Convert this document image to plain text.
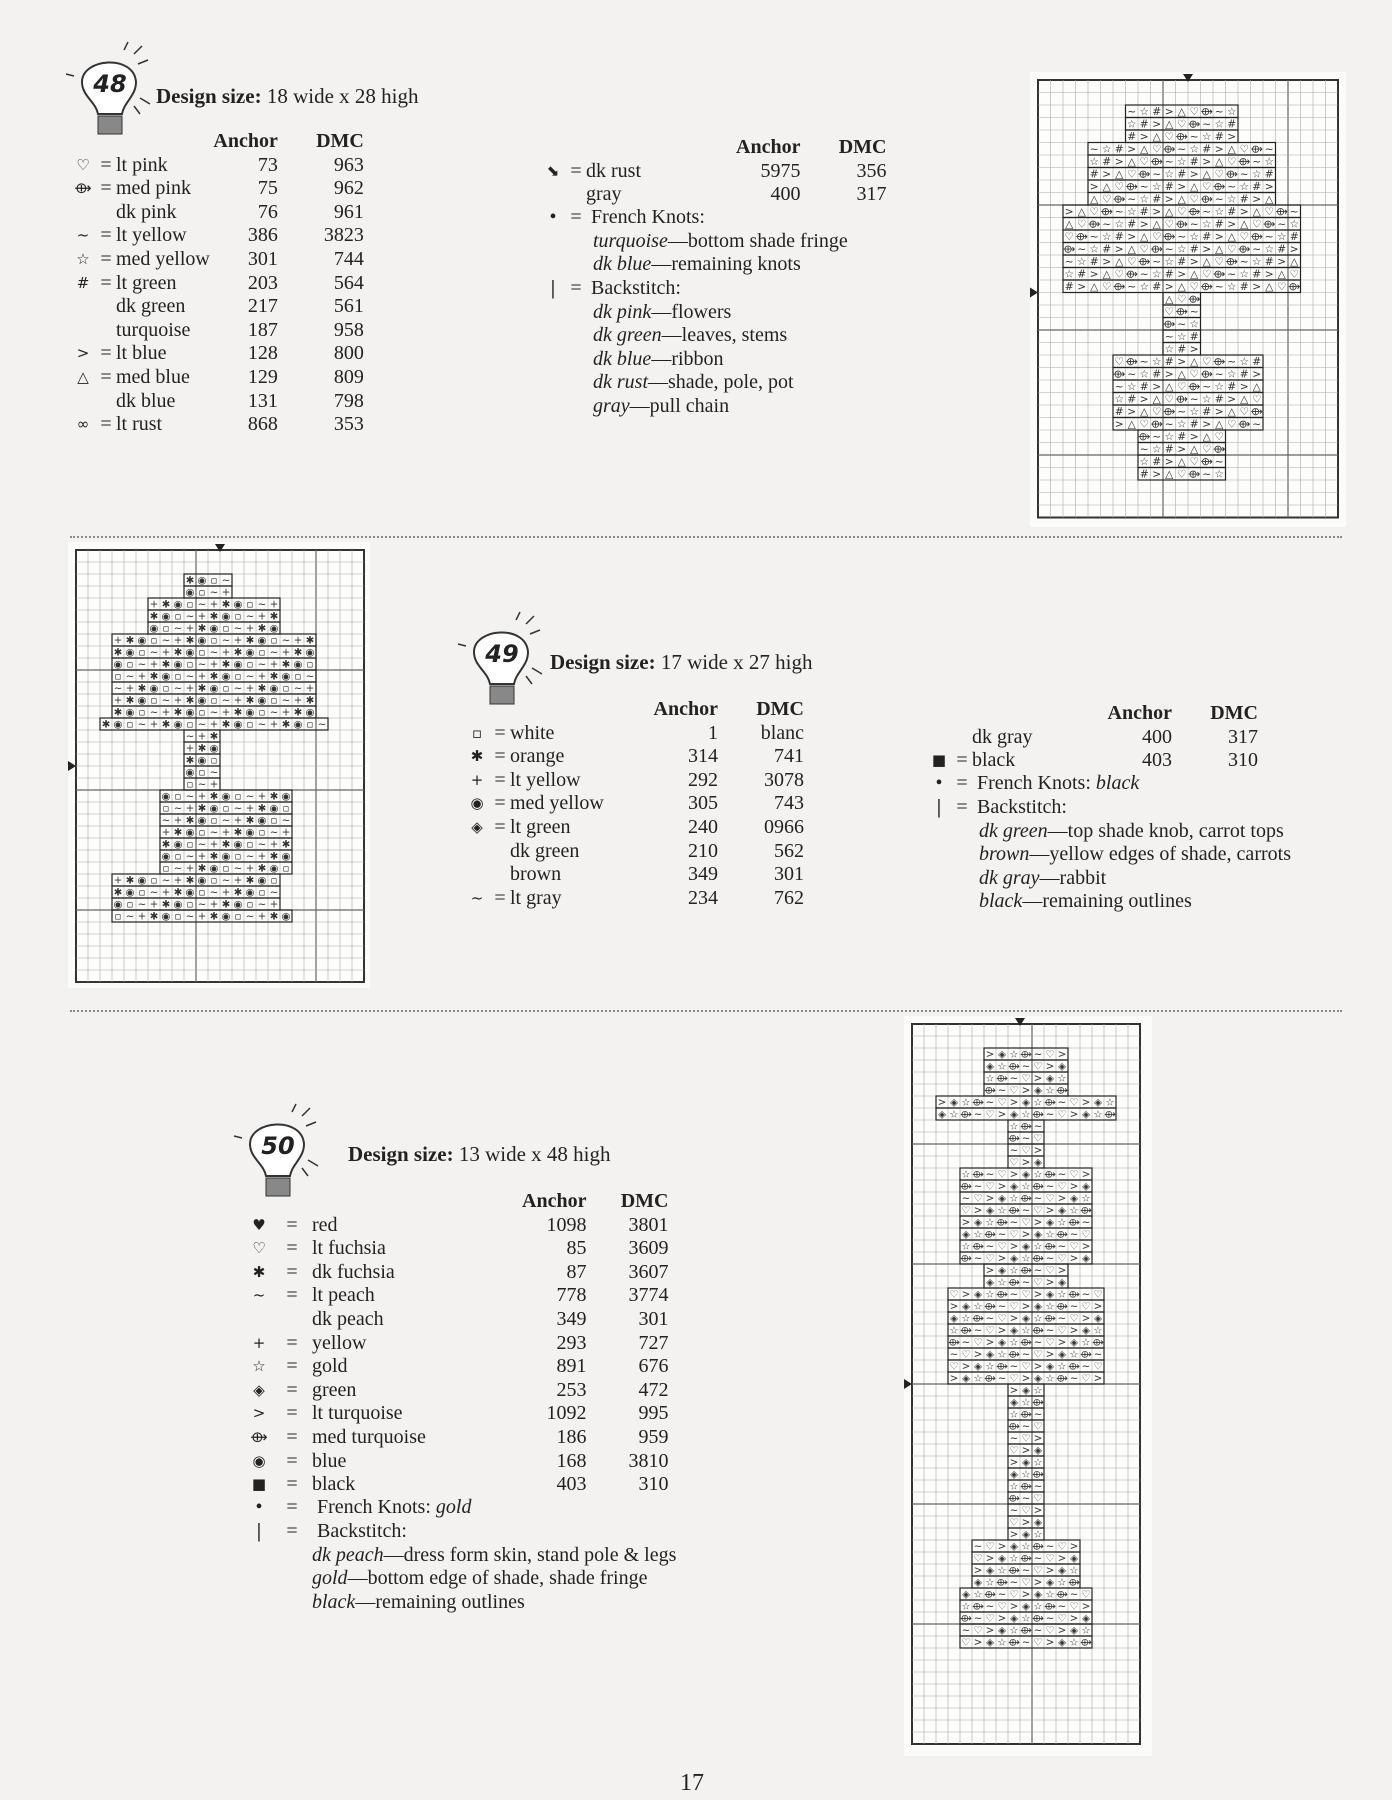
48 Design size: 18 wide x 28 high
			Anchor	DMC
♡	=	lt pink	73	963
⟴	=	med pink	75	962
		dk pink	76	961
~	=	lt yellow	386	3823
☆	=	med yellow	301	744
#	=	lt green	203	564
		dk green	217	561
		turquoise	187	958
>	=	lt blue	128	800
△	=	med blue	129	809
		dk blue	131	798
∞	=	lt rust	868	353
			Anchor	DMC
⬊	=	dk rust	5975	356
		gray	400	317
• = French Knots:
turquoise—bottom shade fringe
dk blue—remaining knots
| = Backstitch:
dk pink—flowers
dk green—leaves, stems
dk blue—ribbon
dk rust—shade, pole, pot
gray—pull chain
~ ☆ # > △ ♡ ⟴ ~ ☆
☆ # > △ ♡ ⟴ ~ ☆ #
# > △ ♡ ⟴ ~ ☆ # >
~ ☆ # > △ ♡ ⟴ ~ ☆ # > △ ♡ ⟴ ~
☆ # > △ ♡ ⟴ ~ ☆ # > △ ♡ ⟴ ~ ☆
# > △ ♡ ⟴ ~ ☆ # > △ ♡ ⟴ ~ ☆ #
> △ ♡ ⟴ ~ ☆ # > △ ♡ ⟴ ~ ☆ # >
△ ♡ ⟴ ~ ☆ # > △ ♡ ⟴ ~ ☆ # > △
> △ ♡ ⟴ ~ ☆ # > △ ♡ ⟴ ~ ☆ # > △ ♡ ⟴ ~
△ ♡ ⟴ ~ ☆ # > △ ♡ ⟴ ~ ☆ # > △ ♡ ⟴ ~ ☆
♡ ⟴ ~ ☆ # > △ ♡ ⟴ ~ ☆ # > △ ♡ ⟴ ~ ☆ #
⟴ ~ ☆ # > △ ♡ ⟴ ~ ☆ # > △ ♡ ⟴ ~ ☆ # >
~ ☆ # > △ ♡ ⟴ ~ ☆ # > △ ♡ ⟴ ~ ☆ # > △
☆ # > △ ♡ ⟴ ~ ☆ # > △ ♡ ⟴ ~ ☆ # > △ ♡
# > △ ♡ ⟴ ~ ☆ # > △ ♡ ⟴ ~ ☆ # > △ ♡ ⟴
△ ♡ ⟴
♡ ⟴ ~
⟴ ~ ☆
~ ☆ #
☆ # >
♡ ⟴ ~ ☆ # > △ ♡ ⟴ ~ ☆ #
⟴ ~ ☆ # > △ ♡ ⟴ ~ ☆ # >
~ ☆ # > △ ♡ ⟴ ~ ☆ # > △
☆ # > △ ♡ ⟴ ~ ☆ # > △ ♡
# > △ ♡ ⟴ ~ ☆ # > △ ♡ ⟴
> △ ♡ ⟴ ~ ☆ # > △ ♡ ⟴ ~
⟴ ~ ☆ # > △ ♡
~ ☆ # > △ ♡ ⟴
☆ # > △ ♡ ⟴ ~
# > △ ♡ ⟴ ~ ☆
✱ ◉ ▫ ~
◉ ▫ ~ +
+ ✱ ◉ ▫ ~ + ✱ ◉ ▫ ~ +
✱ ◉ ▫ ~ + ✱ ◉ ▫ ~ + ✱
◉ ▫ ~ + ✱ ◉ ▫ ~ + ✱ ◉
+ ✱ ◉ ▫ ~ + ✱ ◉ ▫ ~ + ✱ ◉ ▫ ~ + ✱
✱ ◉ ▫ ~ + ✱ ◉ ▫ ~ + ✱ ◉ ▫ ~ + ✱ ◉
◉ ▫ ~ + ✱ ◉ ▫ ~ + ✱ ◉ ▫ ~ + ✱ ◉ ▫
▫ ~ + ✱ ◉ ▫ ~ + ✱ ◉ ▫ ~ + ✱ ◉ ▫ ~
~ + ✱ ◉ ▫ ~ + ✱ ◉ ▫ ~ + ✱ ◉ ▫ ~ +
+ ✱ ◉ ▫ ~ + ✱ ◉ ▫ ~ + ✱ ◉ ▫ ~ + ✱
✱ ◉ ▫ ~ + ✱ ◉ ▫ ~ + ✱ ◉ ▫ ~ + ✱ ◉
✱ ◉ ▫ ~ + ✱ ◉ ▫ ~ + ✱ ◉ ▫ ~ + ✱ ◉ ▫ ~
~ + ✱
+ ✱ ◉
✱ ◉ ▫
◉ ▫ ~
▫ ~ +
◉ ▫ ~ + ✱ ◉ ▫ ~ + ✱ ◉
▫ ~ + ✱ ◉ ▫ ~ + ✱ ◉ ▫
~ + ✱ ◉ ▫ ~ + ✱ ◉ ▫ ~
+ ✱ ◉ ▫ ~ + ✱ ◉ ▫ ~ +
✱ ◉ ▫ ~ + ✱ ◉ ▫ ~ + ✱
◉ ▫ ~ + ✱ ◉ ▫ ~ + ✱ ◉
▫ ~ + ✱ ◉ ▫ ~ + ✱ ◉ ▫
+ ✱ ◉ ▫ ~ + ✱ ◉ ▫ ~ + ✱ ◉ ▫
✱ ◉ ▫ ~ + ✱ ◉ ▫ ~ + ✱ ◉ ▫ ~
◉ ▫ ~ + ✱ ◉ ▫ ~ + ✱ ◉ ▫ ~ +
▫ ~ + ✱ ◉ ▫ ~ + ✱ ◉ ▫ ~ + ✱ ◉
49 Design size: 17 wide x 27 high
			Anchor	DMC
▫	=	white	1	blanc
✱	=	orange	314	741
+	=	lt yellow	292	3078
◉	=	med yellow	305	743
◈	=	lt green	240	0966
		dk green	210	562
		brown	349	301
~	=	lt gray	234	762
			Anchor	DMC
		dk gray	400	317
■	=	black	403	310
• = French Knots: black
| = Backstitch:
dk green—top shade knob, carrot tops
brown—yellow edges of shade, carrots
dk gray—rabbit
black—remaining outlines
50	Design size: 13 wide x 48 high
			Anchor	DMC
♥	=	red	1098	3801
♡	=	lt fuchsia	85	3609
✱	=	dk fuchsia	87	3607
~	=	lt peach	778	3774
		dk peach	349	301
+	=	yellow	293	727
☆	=	gold	891	676
◈	=	green	253	472
>	=	lt turquoise	1092	995
⟴	=	med turquoise	186	959
◉	=	blue	168	3810
■	=	black	403	310
• = French Knots: gold
| = Backstitch:
dk peach—dress form skin, stand pole & legs
gold—bottom edge of shade, shade fringe
black—remaining outlines
> ◈ ☆ ⟴ ~ ♡ >
◈ ☆ ⟴ ~ ♡ > ◈
☆ ⟴ ~ ♡ > ◈ ☆
⟴ ~ ♡ > ◈ ☆ ⟴
> ◈ ☆ ⟴ ~ ♡ > ◈ ☆ ⟴ ~ ♡ > ◈ ☆
◈ ☆ ⟴ ~ ♡ > ◈ ☆ ⟴ ~ ♡ > ◈ ☆ ⟴
☆ ⟴ ~
⟴ ~ ♡
~ ♡ >
♡ > ◈
☆ ⟴ ~ ♡ > ◈ ☆ ⟴ ~ ♡ >
⟴ ~ ♡ > ◈ ☆ ⟴ ~ ♡ > ◈
~ ♡ > ◈ ☆ ⟴ ~ ♡ > ◈ ☆
♡ > ◈ ☆ ⟴ ~ ♡ > ◈ ☆ ⟴
> ◈ ☆ ⟴ ~ ♡ > ◈ ☆ ⟴ ~
◈ ☆ ⟴ ~ ♡ > ◈ ☆ ⟴ ~ ♡
☆ ⟴ ~ ♡ > ◈ ☆ ⟴ ~ ♡ >
⟴ ~ ♡ > ◈ ☆ ⟴ ~ ♡ > ◈
> ◈ ☆ ⟴ ~ ♡ >
◈ ☆ ⟴ ~ ♡ > ◈
♡ > ◈ ☆ ⟴ ~ ♡ > ◈ ☆ ⟴ ~ ♡
> ◈ ☆ ⟴ ~ ♡ > ◈ ☆ ⟴ ~ ♡ >
◈ ☆ ⟴ ~ ♡ > ◈ ☆ ⟴ ~ ♡ > ◈
☆ ⟴ ~ ♡ > ◈ ☆ ⟴ ~ ♡ > ◈ ☆
⟴ ~ ♡ > ◈ ☆ ⟴ ~ ♡ > ◈ ☆ ⟴
~ ♡ > ◈ ☆ ⟴ ~ ♡ > ◈ ☆ ⟴ ~
♡ > ◈ ☆ ⟴ ~ ♡ > ◈ ☆ ⟴ ~ ♡
> ◈ ☆ ⟴ ~ ♡ > ◈ ☆ ⟴ ~ ♡ >
> ◈ ☆
◈ ☆ ⟴
☆ ⟴ ~
⟴ ~ ♡
~ ♡ >
♡ > ◈
> ◈ ☆
◈ ☆ ⟴
☆ ⟴ ~
⟴ ~ ♡
~ ♡ >
♡ > ◈
> ◈ ☆
~ ♡ > ◈ ☆ ⟴ ~ ♡ >
♡ > ◈ ☆ ⟴ ~ ♡ > ◈
> ◈ ☆ ⟴ ~ ♡ > ◈ ☆
◈ ☆ ⟴ ~ ♡ > ◈ ☆ ⟴
◈ ☆ ⟴ ~ ♡ > ◈ ☆ ⟴ ~ ♡
☆ ⟴ ~ ♡ > ◈ ☆ ⟴ ~ ♡ >
⟴ ~ ♡ > ◈ ☆ ⟴ ~ ♡ > ◈
~ ♡ > ◈ ☆ ⟴ ~ ♡ > ◈ ☆
♡ > ◈ ☆ ⟴ ~ ♡ > ◈ ☆ ⟴
17
